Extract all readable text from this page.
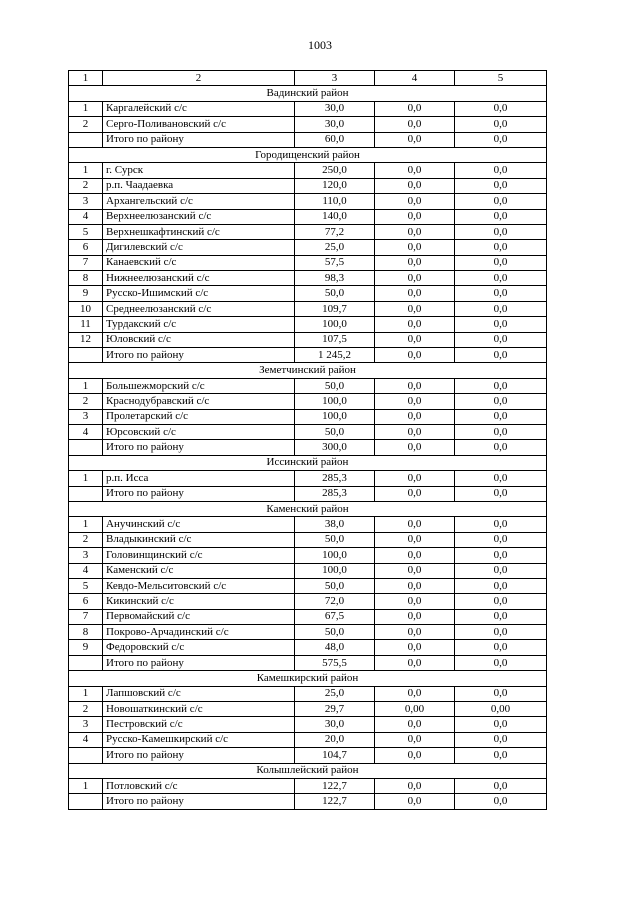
1003
1	2	3	4	5
Вадинский район				
1	Каргалейский с/с	30,0	0,0	0,0
2	Серго-Поливановский с/с	30,0	0,0	0,0
	Итого по району	60,0	0,0	0,0
Городищенский район				
1	г. Сурск	250,0	0,0	0,0
2	р.п. Чаадаевка	120,0	0,0	0,0
3	Архангельский с/с	110,0	0,0	0,0
4	Верхнеелюзанский с/с	140,0	0,0	0,0
5	Верхнешкафтинский с/с	77,2	0,0	0,0
6	Дигилевский с/с	25,0	0,0	0,0
7	Канаевский с/с	57,5	0,0	0,0
8	Нижнеелюзанский с/с	98,3	0,0	0,0
9	Русско-Ишимский с/с	50,0	0,0	0,0
10	Среднеелюзанский с/с	109,7	0,0	0,0
11	Турдакский с/с	100,0	0,0	0,0
12	Юловский с/с	107,5	0,0	0,0
	Итого по району	1 245,2	0,0	0,0
Земетчинский район				
1	Большежморский с/с	50,0	0,0	0,0
2	Краснодубравский с/с	100,0	0,0	0,0
3	Пролетарский с/с	100,0	0,0	0,0
4	Юрсовский с/с	50,0	0,0	0,0
	Итого по району	300,0	0,0	0,0
Иссинский район				
1	р.п. Исса	285,3	0,0	0,0
	Итого по району	285,3	0,0	0,0
Каменский район				
1	Анучинский с/с	38,0	0,0	0,0
2	Владыкинский с/с	50,0	0,0	0,0
3	Головинщинский с/с	100,0	0,0	0,0
4	Каменский с/с	100,0	0,0	0,0
5	Кевдо-Мельситовский с/с	50,0	0,0	0,0
6	Кикинский с/с	72,0	0,0	0,0
7	Первомайский с/с	67,5	0,0	0,0
8	Покрово-Арчадинский с/с	50,0	0,0	0,0
9	Федоровский с/с	48,0	0,0	0,0
	Итого по району	575,5	0,0	0,0
Камешкирский район				
1	Лапшовский с/с	25,0	0,0	0,0
2	Новошаткинский с/с	29,7	0,00	0,00
3	Пестровский с/с	30,0	0,0	0,0
4	Русско-Камешкирский с/с	20,0	0,0	0,0
	Итого по району	104,7	0,0	0,0
Колышлейский район				
1	Потловский с/с	122,7	0,0	0,0
	Итого по району	122,7	0,0	0,0
